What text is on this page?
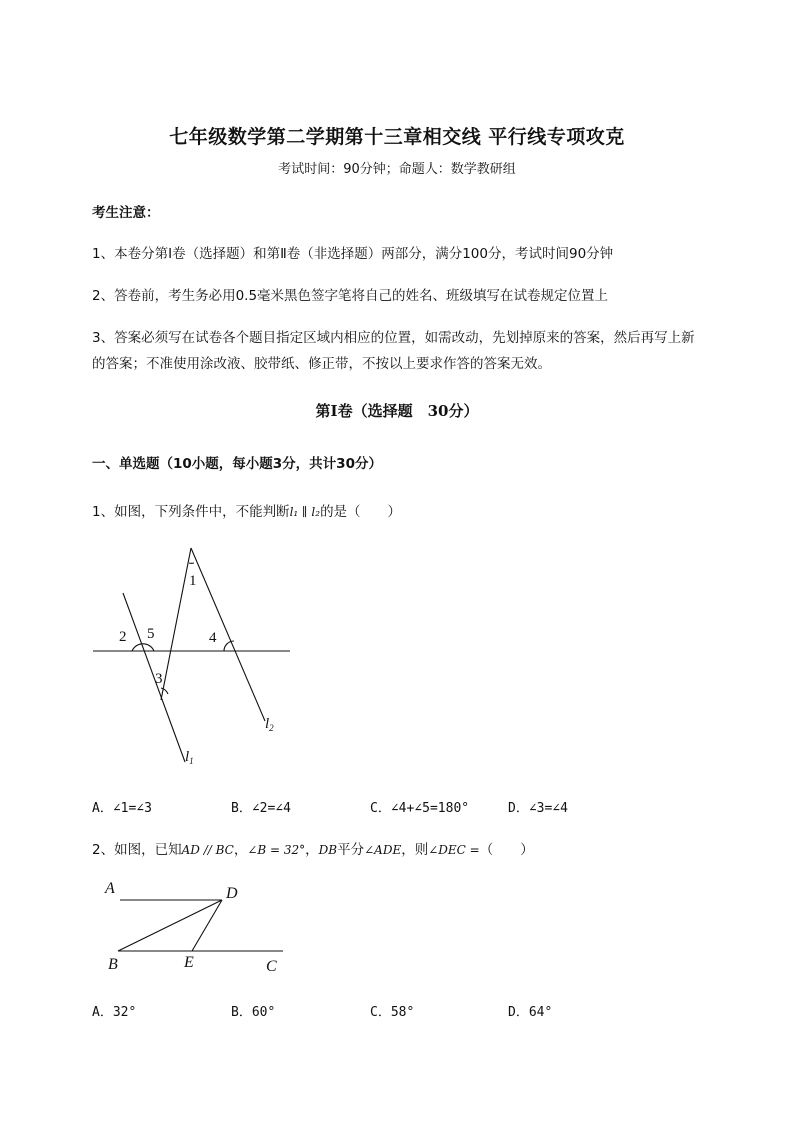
七年级数学第二学期第十三章相交线 平行线专项攻克
考试时间：90分钟；命题人：数学教研组
考生注意：
1、本卷分第Ⅰ卷（选择题）和第Ⅱ卷（非选择题）两部分，满分100分，考试时间90分钟
2、答卷前，考生务必用0.5毫米黑色签字笔将自己的姓名、班级填写在试卷规定位置上
3、答案必须写在试卷各个题目指定区域内相应的位置，如需改动，先划掉原来的答案，然后再写上新
的答案；不准使用涂改液、胶带纸、修正带，不按以上要求作答的答案无效。
第Ⅰ卷（选择题　30分）
一、单选题（10小题，每小题3分，共计30分）
1、如图，下列条件中，不能判断l₁ ∥ l₂的是（　　）
1
2 5
3
4
$l_2$
$l_1$
A．∠1=∠3	B．∠2=∠4	C．∠4+∠5=180°	D．∠3=∠4
2、如图，已知AD // BC，∠B = 32°，DB平分∠ADE，则∠DEC =（　　）
A	D
B	E	C
A．32°	B．60°	C．58°	D．64°
